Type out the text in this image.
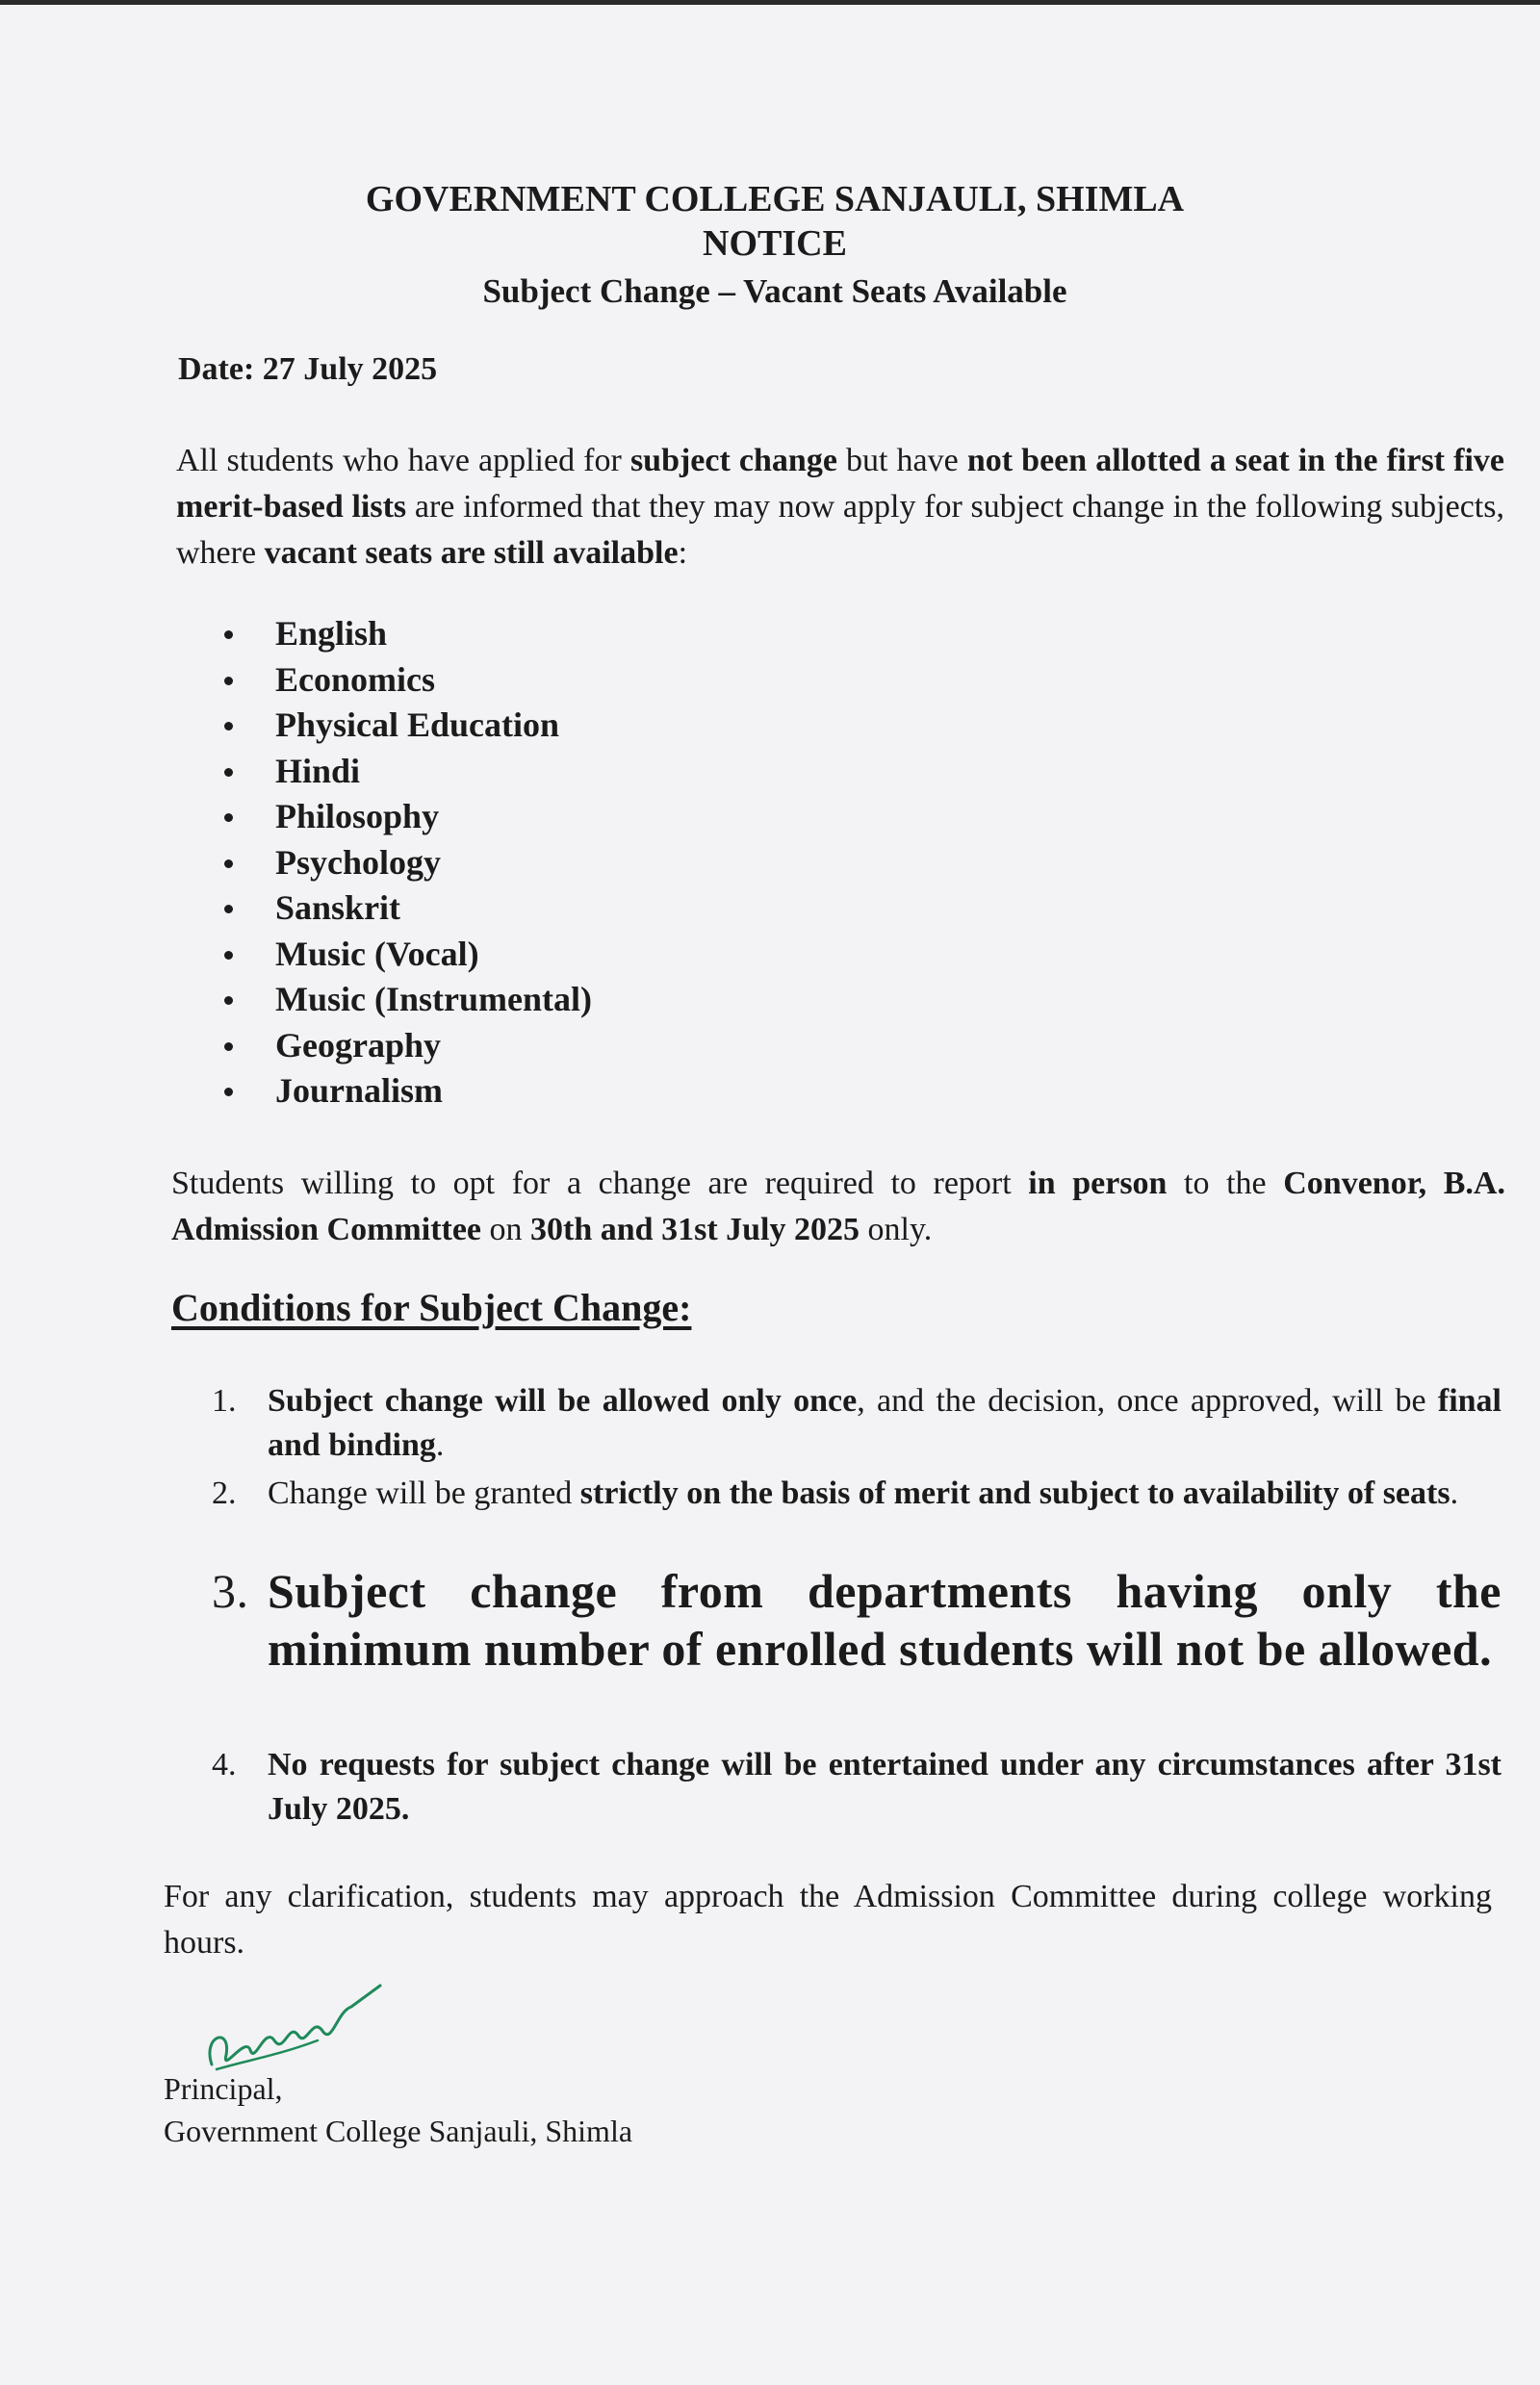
GOVERNMENT COLLEGE SANJAULI, SHIMLA
NOTICE
Subject Change – Vacant Seats Available
Date: 27 July 2025
All students who have applied for subject change but have not been allotted a seat in the first five merit-based lists are informed that they may now apply for subject change in the following subjects, where vacant seats are still available:
English
Economics
Physical Education
Hindi
Philosophy
Psychology
Sanskrit
Music (Vocal)
Music (Instrumental)
Geography
Journalism
Students willing to opt for a change are required to report in person to the Convenor, B.A. Admission Committee on 30th and 31st July 2025 only.
Conditions for Subject Change:
1. Subject change will be allowed only once, and the decision, once approved, will be final and binding.
2. Change will be granted strictly on the basis of merit and subject to availability of seats.
3. Subject change from departments having only the minimum number of enrolled students will not be allowed.
4. No requests for subject change will be entertained under any circumstances after 31st July 2025.
For any clarification, students may approach the Admission Committee during college working hours.
Principal,
Government College Sanjauli, Shimla
